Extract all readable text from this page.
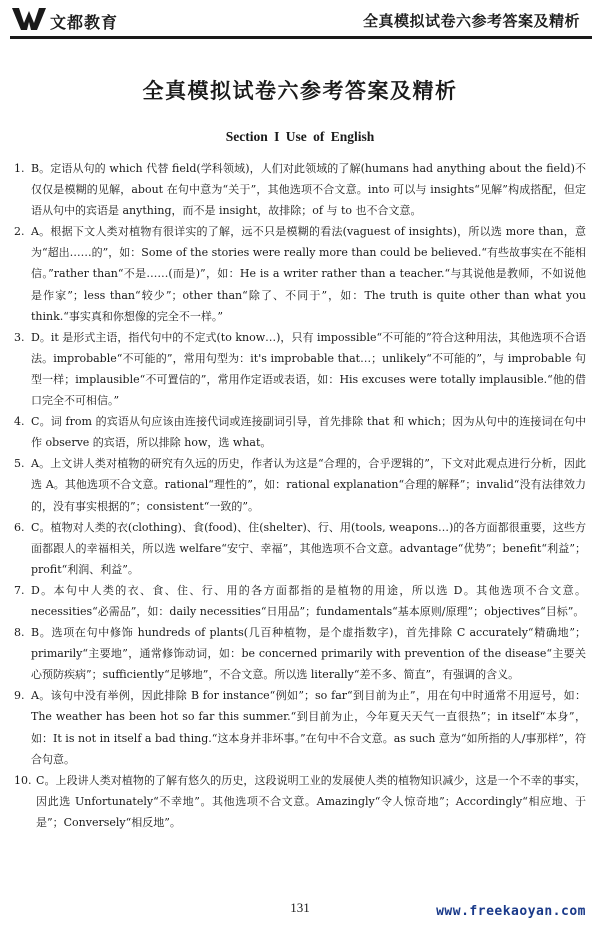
文都教育	全真模拟试卷六参考答案及精析
全真模拟试卷六参考答案及精析
Section I Use of English
1. B。定语从句的 which 代替 field(学科领域)，人们对此领域的了解(humans had anything about the field)不仅仅是模糊的见解，about 在句中意为“关于”，其他选项不合文意。into 可以与 insights“见解”构成搭配，但定语从句中的宾语是 anything，而不是 insight，故排除；of 与 to 也不合文意。
2. A。根据下文人类对植物有很详实的了解，远不只是模糊的看法(vaguest of insights)，所以选 more than，意为“超出……的”，如：Some of the stories were really more than could be believed.“有些故事实在不能相信。”rather than“不是……(而是)”，如：He is a writer rather than a teacher.“与其说他是教师，不如说他是作家”；less than“较少”；other than“除了、不同于”，如：The truth is quite other than what you think.“事实真和你想像的完全不一样。”
3. D。it 是形式主语，指代句中的不定式(to know…)，只有 impossible“不可能的”符合这种用法，其他选项不合语法。improbable“不可能的”，常用句型为：it's improbable that…；unlikely“不可能的”，与 improbable 句型一样；implausible“不可置信的”，常用作定语或表语，如：His excuses were totally implausible.“他的借口完全不可相信。”
4. C。词 from 的宾语从句应该由连接代词或连接副词引导，首先排除 that 和 which；因为从句中的连接词在句中作 observe 的宾语，所以排除 how，选 what。
5. A。上文讲人类对植物的研究有久远的历史，作者认为这是“合理的，合乎逻辑的”，下文对此观点进行分析，因此选 A。其他选项不合文意。rational“理性的”，如：rational explanation“合理的解释”；invalid“没有法律效力的，没有事实根据的”；consistent“一致的”。
6. C。植物对人类的衣(clothing)、食(food)、住(shelter)、行、用(tools, weapons…)的各方面都很重要，这些方面都跟人的幸福相关，所以选 welfare“安宁、幸福”，其他选项不合文意。advantage“优势”；benefit“利益”；profit“利润、利益”。
7. D。本句中人类的衣、食、住、行、用的各方面都指的是植物的用途，所以选 D。其他选项不合文意。necessities“必需品”，如：daily necessities“日用品”；fundamentals“基本原则/原理”；objectives“目标”。
8. B。选项在句中修饰 hundreds of plants(几百种植物，是个虚指数字)，首先排除 C accurately“精确地”；primarily“主要地”，通常修饰动词，如：be concerned primarily with prevention of the disease“主要关心预防疾病”；sufficiently“足够地”，不合文意。所以选 literally“差不多、简直”，有强调的含义。
9. A。该句中没有举例，因此排除 B for instance“例如”；so far“到目前为止”，用在句中时通常不用逗号，如：The weather has been hot so far this summer.“到目前为止，今年夏天天气一直很热”；in itself“本身”，如：It is not in itself a bad thing.“这本身并非坏事。”在句中不合文意。as such 意为“如所指的人/事那样”，符合句意。
10. C。上段讲人类对植物的了解有悠久的历史，这段说明工业的发展使人类的植物知识减少，这是一个不幸的事实，因此选 Unfortunately“不幸地”。其他选项不合文意。Amazingly“令人惊奇地”；Accordingly“相应地、于是”；Conversely“相反地”。
131	www.freekaoyan.com
